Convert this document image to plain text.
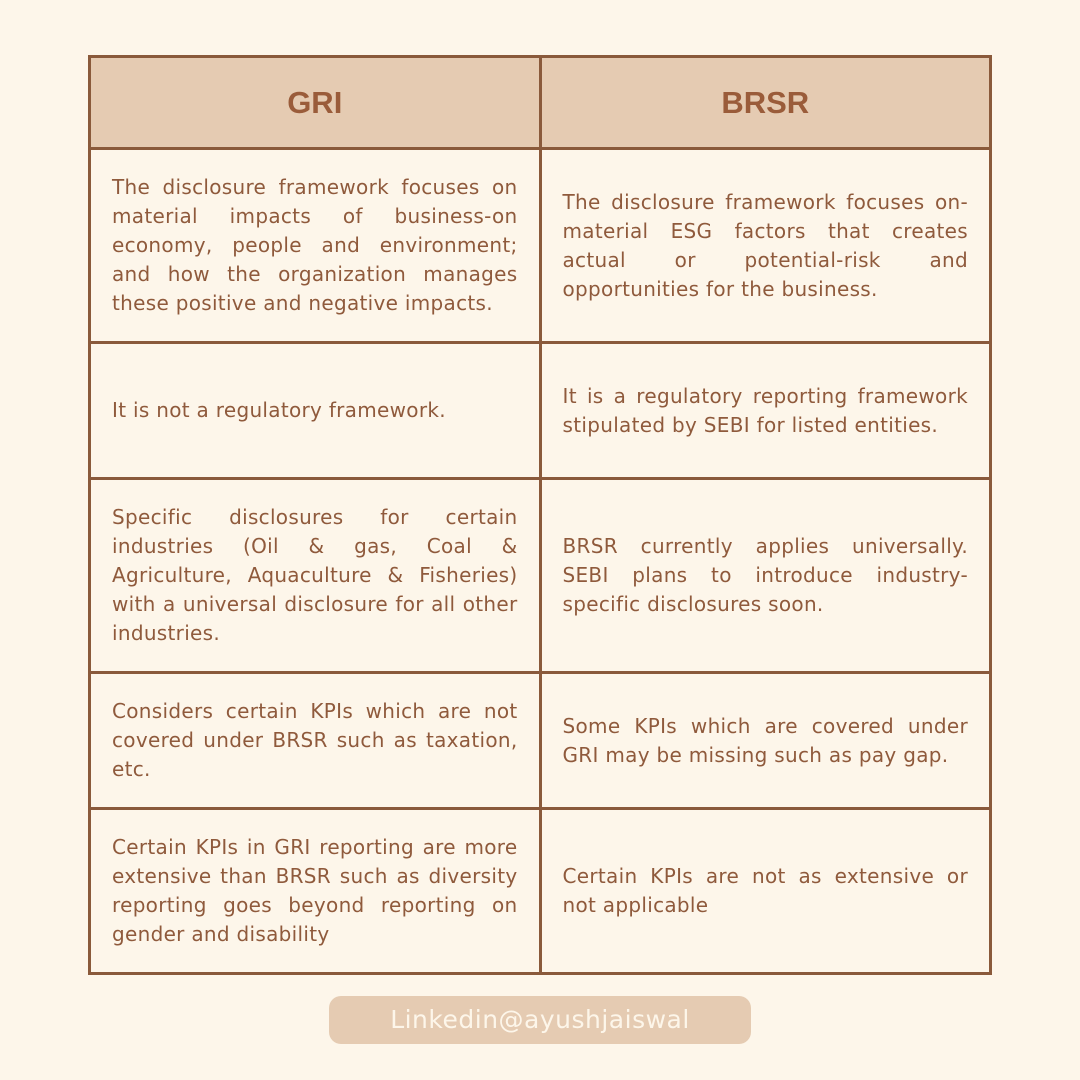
GRI	BRSR
The disclosure framework focuses on material impacts of business-on economy, people and environment; and how the organization manages these positive and negative impacts.	The disclosure framework focuses on- material ESG factors that creates actual or potential-risk and opportunities for the business.
It is not a regulatory framework.	It is a regulatory reporting framework stipulated by SEBI for listed entities.
Specific disclosures for certain industries (Oil & gas, Coal & Agriculture, Aquaculture & Fisheries) with a universal disclosure for all other industries.	BRSR currently applies universally. SEBI plans to introduce industry-specific disclosures soon.
Considers certain KPIs which are not covered under BRSR such as taxation, etc.	Some KPIs which are covered under GRI may be missing such as pay gap.
Certain KPIs in GRI reporting are more extensive than BRSR such as diversity reporting goes beyond reporting on gender and disability	Certain KPIs are not as extensive or not applicable
Linkedin@ayushjaiswal
